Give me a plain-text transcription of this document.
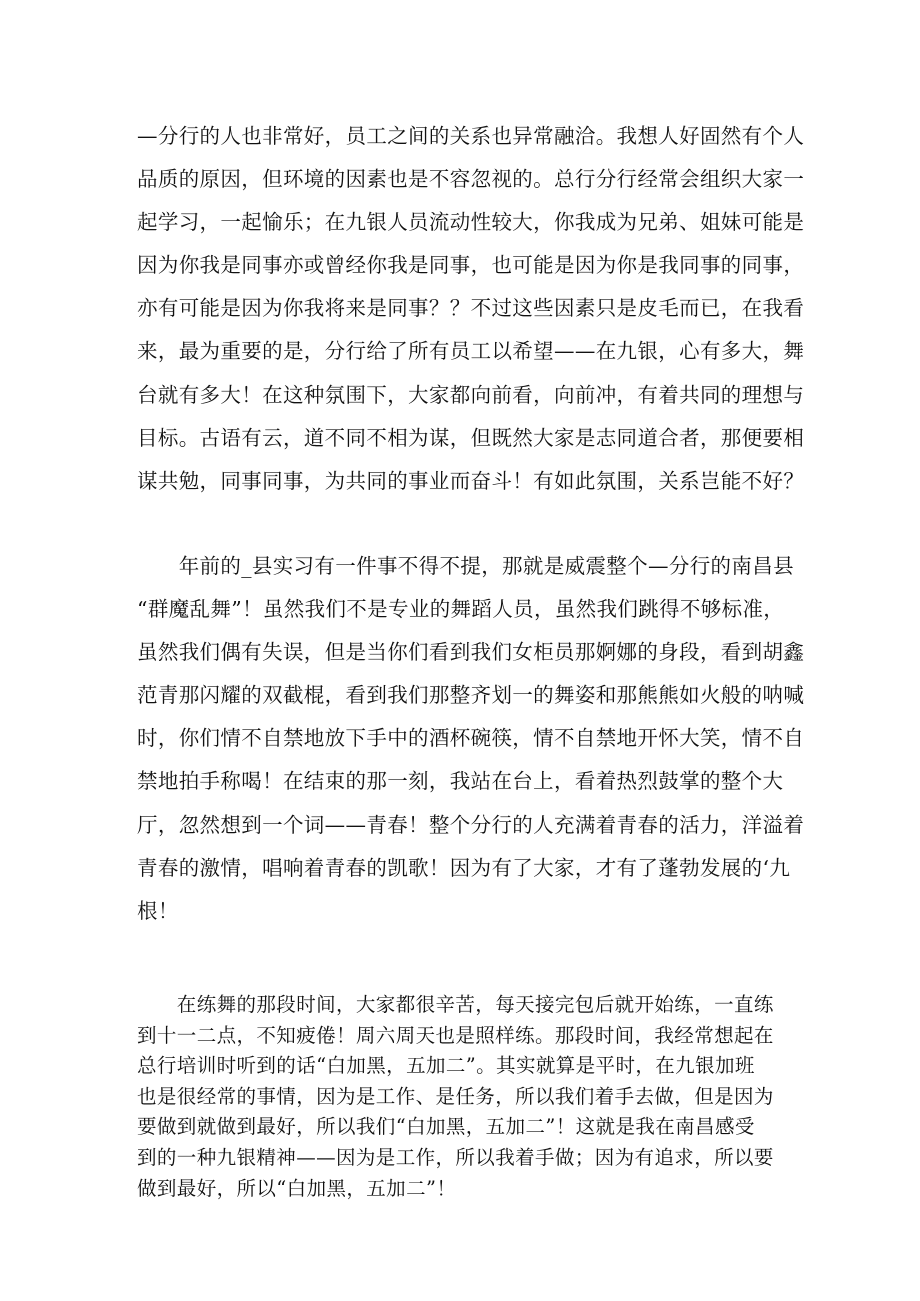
—分行的人也非常好，员工之间的关系也异常融洽。我想人好固然有个人
品质的原因，但环境的因素也是不容忽视的。总行分行经常会组织大家一
起学习，一起愉乐；在九银人员流动性较大，你我成为兄弟、姐妹可能是
因为你我是同事亦或曾经你我是同事，也可能是因为你是我同事的同事，
亦有可能是因为你我将来是同事？？不过这些因素只是皮毛而已，在我看
来，最为重要的是，分行给了所有员工以希望——在九银，心有多大，舞
台就有多大！在这种氛围下，大家都向前看，向前冲，有着共同的理想与
目标。古语有云，道不同不相为谋，但既然大家是志同道合者，那便要相
谋共勉，同事同事，为共同的事业而奋斗！有如此氛围，关系岂能不好？
　　年前的_县实习有一件事不得不提，那就是威震整个—分行的南昌县
“群魔乱舞”！虽然我们不是专业的舞蹈人员，虽然我们跳得不够标准，
虽然我们偶有失误，但是当你们看到我们女柜员那婀娜的身段，看到胡鑫
范青那闪耀的双截棍，看到我们那整齐划一的舞姿和那熊熊如火般的呐喊
时，你们情不自禁地放下手中的酒杯碗筷，情不自禁地开怀大笑，情不自
禁地拍手称喝！在结束的那一刻，我站在台上，看着热烈鼓掌的整个大
厅，忽然想到一个词——青春！整个分行的人充满着青春的活力，洋溢着
青春的激情，唱响着青春的凯歌！因为有了大家，才有了蓬勃发展的‘九
根！
　　在练舞的那段时间，大家都很辛苦，每天接完包后就开始练，一直练
到十一二点，不知疲倦！周六周天也是照样练。那段时间，我经常想起在
总行培训时听到的话“白加黑，五加二”。其实就算是平时，在九银加班
也是很经常的事情，因为是工作、是任务，所以我们着手去做，但是因为
要做到就做到最好，所以我们“白加黑，五加二”！这就是我在南昌感受
到的一种九银精神——因为是工作，所以我着手做；因为有追求，所以要
做到最好，所以“白加黑，五加二”！
